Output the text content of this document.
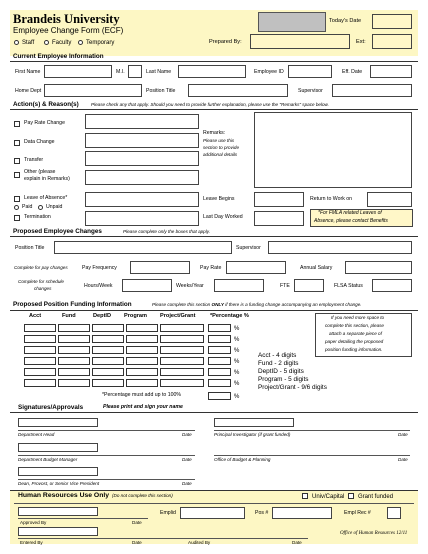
Brandeis University
Employee Change Form (ECF)
Staff	Faculty Temporary
Today's Date
Prepared By:	Ext:
Current Employee Information
First Name	M.I.	Last Name	Employee ID	Eff. Date
Home Dept	Position Title	Supervisor
Action(s) & Reason(s)	Please check any that apply. Should you need to provide further explanation, please use the "Remarks" space below.
Pay Rate Change
Data Change
Transfer
Other (please
explain in Remarks)
Remarks:
Please use this
section to provide
additional details
Leave of Absence*
Paid	Unpaid
Leave Begins	Return to Work on
Termination	Last Day Worked
*For FMLA related Leaves of
Absence, please contact Benefits
Proposed Employee Changes	Please complete only the boxes that apply.
Position Title	Supervisor
Complete for pay changes	Pay Frequency	Pay Rate	Annual Salary
Complete for schedule
changes	Hours/Week	Weeks/Year	FTE	FLSA Status
Proposed Position Funding Information	Please complete this section ONLY if there is a funding change accompanying an employment change.
Acct	Fund	DeptID Program Project/Grant	*Percentage %
%
%
%
%
%
%
%
*Percentage must add up to 100%
If you need more space to
complete this section, please
attach a separate piece of
paper detailing the proposed
position funding information.
Acct - 4 digits
Fund - 2 digits
DeptID - 5 digits
Program - 5 digits
Project/Grant - 9/6 digits
Signatures/Approvals	Please print and sign your name
Department Head	Date	Principal Investigator (if grant funded)	Date
Department Budget Manager	Date	Office of Budget & Planning	Date
Dean, Provost, or Senior Vice President	Date
Human Resources Use Only (Do not complete this section)	Univ/Capital Grant funded
Approved By	Date
Emplid	Pos #	Empl Rec #
Entered By	Date	Audited By	Date
Office of Human Resources 12/11
